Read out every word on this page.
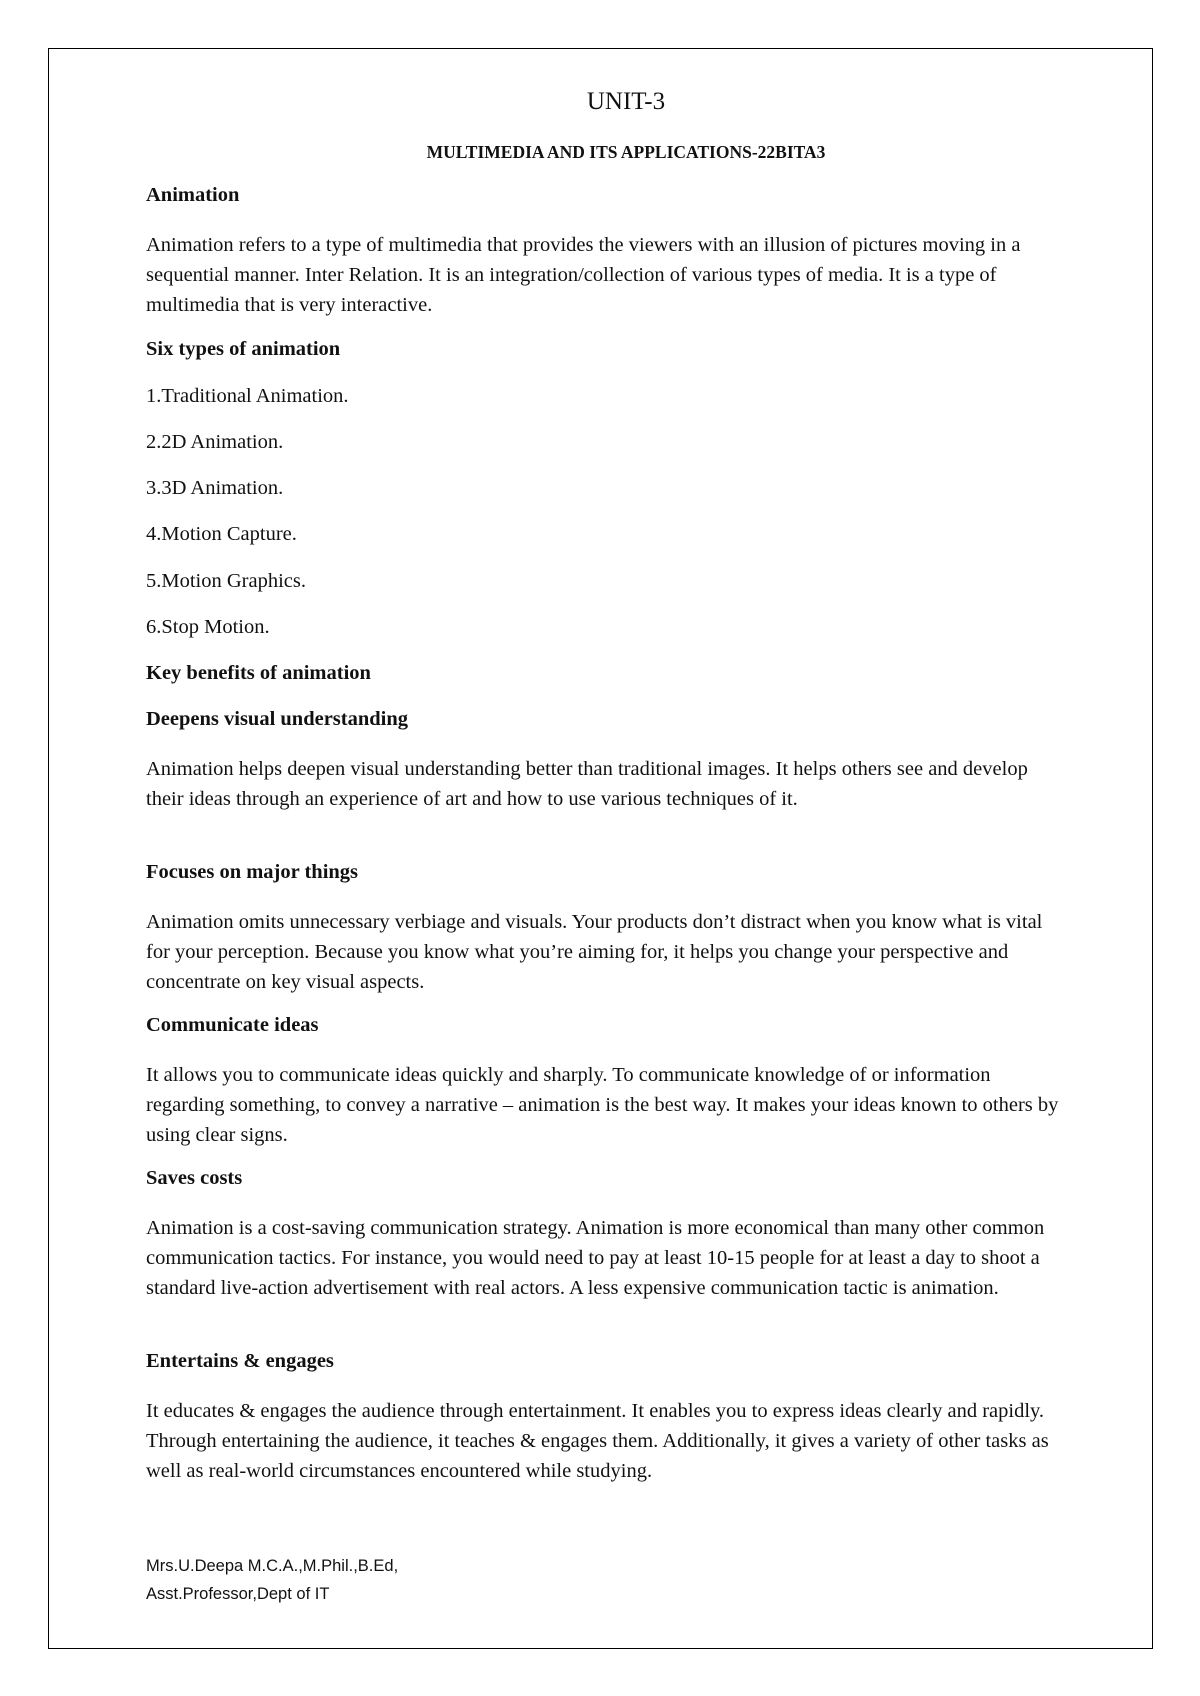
UNIT-3
MULTIMEDIA AND ITS APPLICATIONS-22BITA3
Animation

Animation refers to a type of multimedia that provides the viewers with an illusion of pictures moving in a sequential manner. Inter Relation. It is an integration/collection of various types of media. It is a type of multimedia that is very interactive.

Six types of animation
1.Traditional Animation.
2.2D Animation.
3.3D Animation.
4.Motion Capture.
5.Motion Graphics.
6.Stop Motion.
Key benefits of animation
Deepens visual understanding

Animation helps deepen visual understanding better than traditional images. It helps others see and develop their ideas through an experience of art and how to use various techniques of it.

Focuses on major things

Animation omits unnecessary verbiage and visuals. Your products don’t distract when you know what is vital for your perception. Because you know what you’re aiming for, it helps you change your perspective and concentrate on key visual aspects.

Communicate ideas

It allows you to communicate ideas quickly and sharply. To communicate knowledge of or information regarding something, to convey a narrative – animation is the best way. It makes your ideas known to others by using clear signs.

Saves costs

Animation is a cost-saving communication strategy. Animation is more economical than many other common communication tactics. For instance, you would need to pay at least 10-15 people for at least a day to shoot a standard live-action advertisement with real actors. A less expensive communication tactic is animation.

Entertains & engages

It educates & engages the audience through entertainment. It enables you to express ideas clearly and rapidly. Through entertaining the audience, it teaches & engages them. Additionally, it gives a variety of other tasks as well as real-world circumstances encountered while studying.

Mrs.U.Deepa M.C.A.,M.Phil.,B.Ed,
Asst.Professor,Dept of IT
